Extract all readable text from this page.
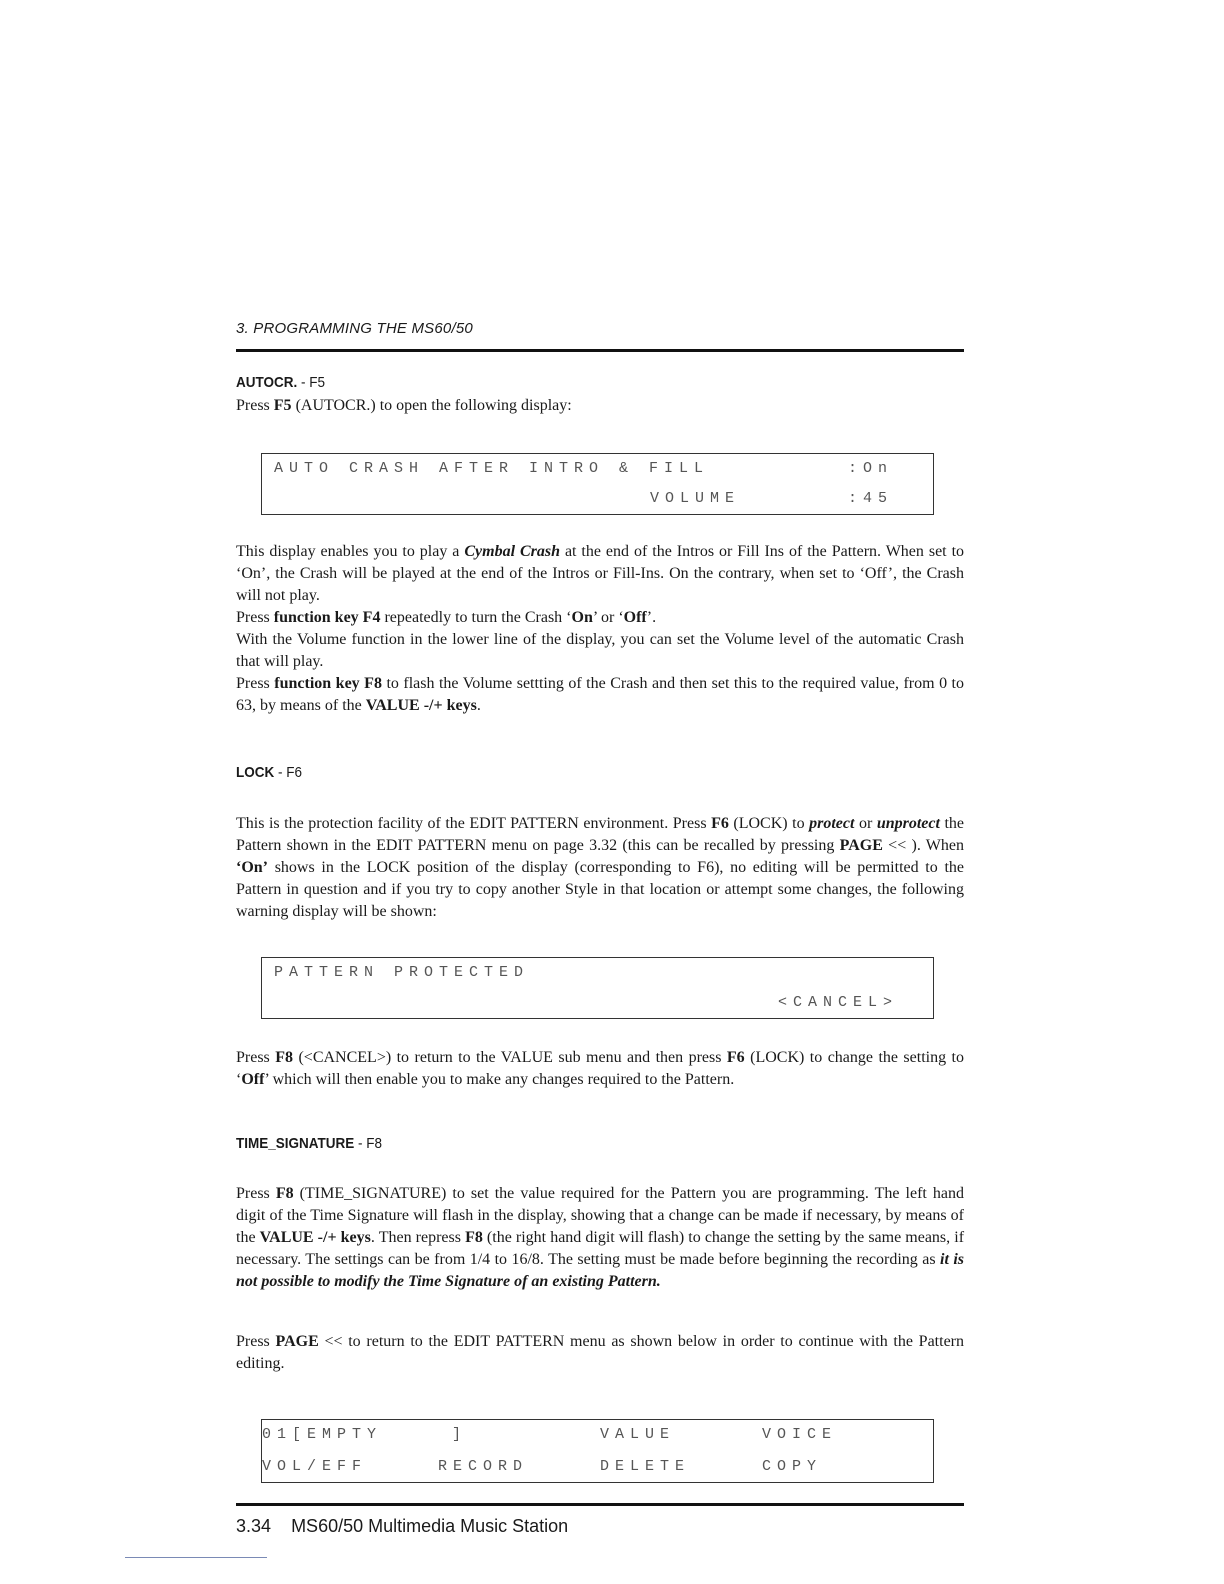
3. PROGRAMMING THE MS60/50
AUTOCR. - F5

Press F5 (AUTOCR.) to open the following display:

AUTO CRASH AFTER INTRO & FILL	:On
VOLUME	:45

This display enables you to play a Cymbal Crash at the end of the Intros or Fill Ins of the Pattern. When set to ‘On’, the Crash will be played at the end of the Intros or Fill-Ins. On the contrary, when set to ‘Off’, the Crash will not play.

Press function key F4 repeatedly to turn the Crash ‘On’ or ‘Off’.

With the Volume function in the lower line of the display, you can set the Volume level of the automatic Crash that will play.

Press function key F8 to flash the Volume settting of the Crash and then set this to the required value, from 0 to 63, by means of the VALUE -/+ keys.

LOCK - F6

This is the protection facility of the EDIT PATTERN environment. Press F6 (LOCK) to protect or unprotect the Pattern shown in the EDIT PATTERN menu on page 3.32 (this can be recalled by pressing PAGE << ). When ‘On’ shows in the LOCK position of the display (corresponding to F6), no editing will be permitted to the Pattern in question and if you try to copy another Style in that location or attempt some changes, the following warning display will be shown:

PATTERN PROTECTED
<CANCEL>

Press F8 (<CANCEL>) to return to the VALUE sub menu and then press F6 (LOCK) to change the setting to ‘Off’ which will then enable you to make any changes required to the Pattern.

TIME_SIGNATURE - F8

Press F8 (TIME_SIGNATURE) to set the value required for the Pattern you are programming. The left hand digit of the Time Signature will flash in the display, showing that a change can be made if necessary, by means of the VALUE -/+ keys. Then repress F8 (the right hand digit will flash) to change the setting by the same means, if necessary. The settings can be from 1/4 to 16/8. The setting must be made before beginning the recording as it is not possible to modify the Time Signature of an existing Pattern.

Press PAGE << to return to the EDIT PATTERN menu as shown below in order to continue with the Pattern editing.

01[EMPTY	]	VALUE	VOICE
VOL/EFF	RECORD	DELETE	COPY
3.34 MS60/50 Multimedia Music Station
